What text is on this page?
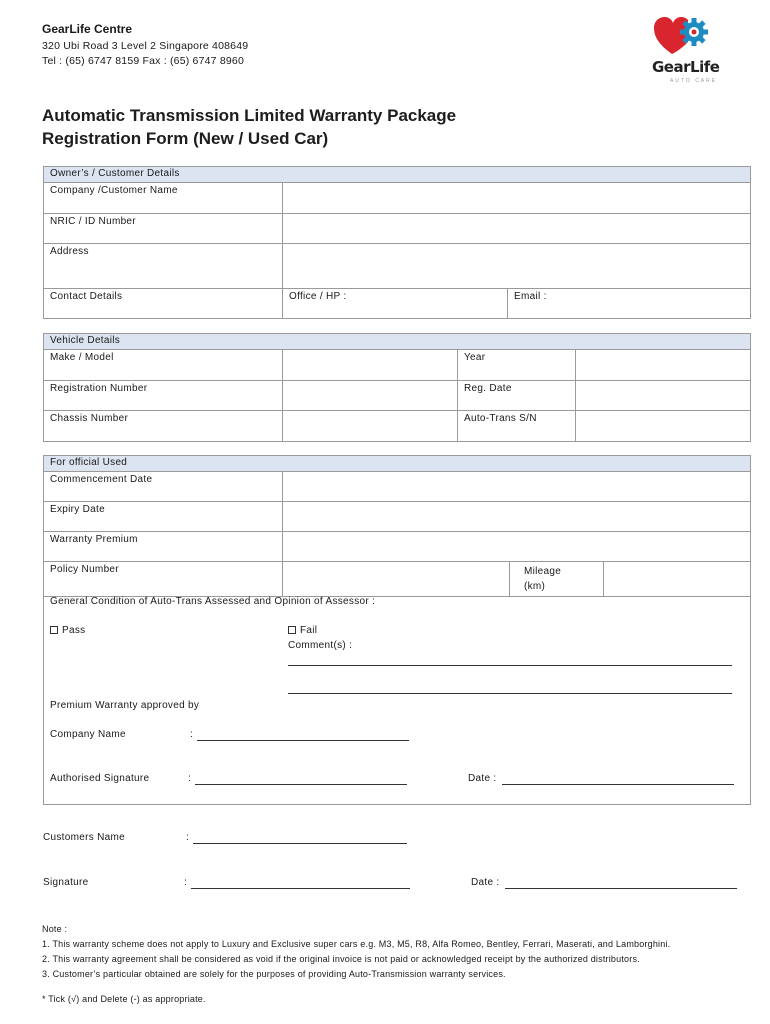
GearLife Centre
320 Ubi Road 3 Level 2 Singapore 408649
Tel : (65) 6747 8159 Fax : (65) 6747 8960	GearLife
AUTO CARE
Automatic Transmission Limited Warranty Package
Registration Form (New / Used Car)
Owner’s / Customer Details		
Company /Customer Name		
NRIC / ID Number		
Address		
Contact Details	Office / HP :	Email :
Vehicle Details			
Make / Model		Year	
Registration Number		Reg. Date	
Chassis Number		Auto-Trans S/N	
For official Used			
Commencement Date			
Expiry Date			
Warranty Premium			
Policy Number		Mileage
(km)	

General Condition of Auto-Trans Assessed and Opinion of Assessor :
Pass	Fail
Comment(s) :
Premium Warranty approved by
Company Name	:
Authorised Signature	:	Date :
Customers Name	:
Signature	:	Date :
Note :
1. This warranty scheme does not apply to Luxury and Exclusive super cars e.g. M3, M5, R8, Alfa Romeo, Bentley, Ferrari, Maserati, and Lamborghini.
2. This warranty agreement shall be considered as void if the original invoice is not paid or acknowledged receipt by the authorized distributors.
3. Customer’s particular obtained are solely for the purposes of providing Auto-Transmission warranty services.
* Tick (√) and Delete (-) as appropriate.
